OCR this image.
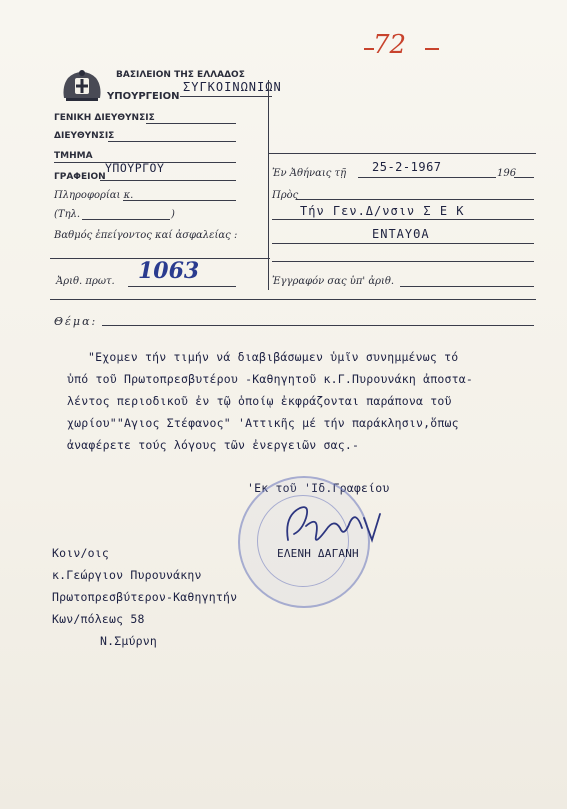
72
ΒΑΣΙΛΕΙΟΝ ΤΗΣ ΕΛΛΑΔΟΣ
ΥΠΟΥΡΓΕΙΟΝ
ΣΥΓΚΟΙΝΩΝΙΩΝ
ΓΕΝΙΚΗ ΔΙΕΥΘΥΝΣΙΣ
ΔΙΕΥΘΥΝΣΙΣ
ΤΜΗΜΑ
ΓΡΑΦΕΙΟΝ
ΥΠΟΥΡΓΟΥ
Πληροφορίαι κ.
(Τηλ.	)
Βαθμός ἐπείγοντος καί ἀσφαλείας :
Ἀριθ. πρωτ. 1063
Ἐν Ἀθήναις τῇ 25-2-1967	196
Πρὸς
Τήν Γεν.Δ/νσιν Σ Ε Κ
ΕΝΤΑΥΘΑ
Ἐγγραφόν σας ὑπ' ἀριθ.
Θέμα:
"Εχομεν τήν τιμήν νά διαβιβάσωμεν ὑμῖν συνημμένως τό
ὑπό τοῦ Πρωτοπρεσβυτέρου -Καθηγητοῦ κ.Γ.Πυρουνάκη ἀποστα-
λέντος περιοδικοῦ ἐν τῷ ὁποίῳ ἐκφράζονται παράπονα τοῦ
χωρίου""Αγιος Στέφανος" 'Αττικῆς μέ τήν παράκλησιν,ὅπως
ἀναφέρετε τούς λόγους τῶν ἐνεργειῶν σας.-
'Εκ τοῦ 'Ιδ.Γραφείου
ΕΛΕΝΗ ΔΑΓΑΝΗ
Κοιν/οις
κ.Γεώργιον Πυρουνάκην
Πρωτοπρεσβύτερον-Καθηγητήν
Κων/πόλεως 58
Ν.Σμύρνη
